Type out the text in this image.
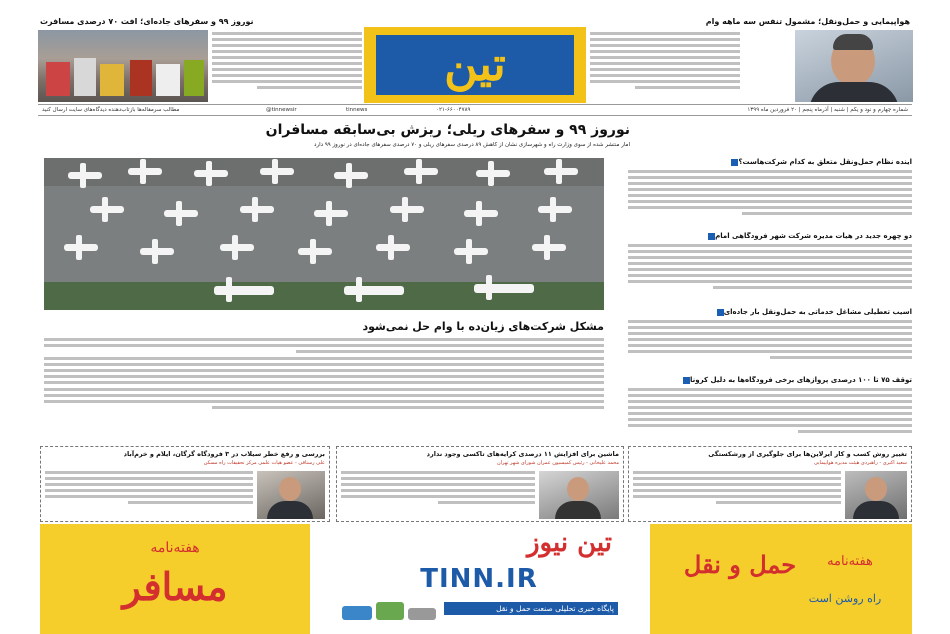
نوروز ۹۹ و سفرهای جاده‌ای؛ افت ۷۰ درصدی مسافرت	هواپیمایی و حمل‌ونقل؛ مشمول تنفس سه ماهه وام
تین
مطالب سرمقاله‌ها بازتاب‌دهنده دیدگاه‌های سایت ارسال کنید	@tinnewsir	tinnews	۰۲۱-۶۶۰۰۴۷۸۹	شماره چهارم و نود و یکم | شنبه | آذرماه پنجم | ۲۰ فروردین ماه ۱۳۹۹
نوروز ۹۹ و سفرهای ریلی؛ ریزش بی‌سابقه مسافران
آمار منتشر شده از سوی وزارت راه و شهرسازی نشان از کاهش ۸۹ درصدی سفرهای ریلی و ۷۰ درصدی سفرهای جاده‌ای در نوروز ۹۹ دارد
مشکل شرکت‌های زیان‌ده با وام حل نمی‌شود
آینده نظام حمل‌ونقل متعلق به کدام شرکت‌هاست؟
دو چهره جدید در هیات مدیره شرکت شهر فرودگاهی امام
آسیب تعطیلی مشاغل خدماتی به حمل‌ونقل بار جاده‌ای
توقف ۷۵ تا ۱۰۰ درصدی پروازهای برخی فرودگاه‌ها به دلیل کرونا
تغییر روش کسب و کار ایرلاین‌ها برای جلوگیری از ورشکستگی
سعید اکبری - راهبردی هیئت مدیره هواپیمایی
ماشین برای افزایش ۱۱ درصدی کرایه‌های تاکسی وجود ندارد
محمد علیخانی - رئیس کمیسیون عمران شورای شهر تهران
بررسی و رفع خطر سیلاب در ۳ فرودگاه گرگان، ایلام و خرم‌آباد
علی رستاقی - عضو هیات علمی مرکز تحقیقات راه مسکن
هفته‌نامه
مسافر
تین نیوز
TINN.IR
پایگاه خبری تحلیلی صنعت حمل و نقل
هفته‌نامه
حمل و نقل
راه روشن است
